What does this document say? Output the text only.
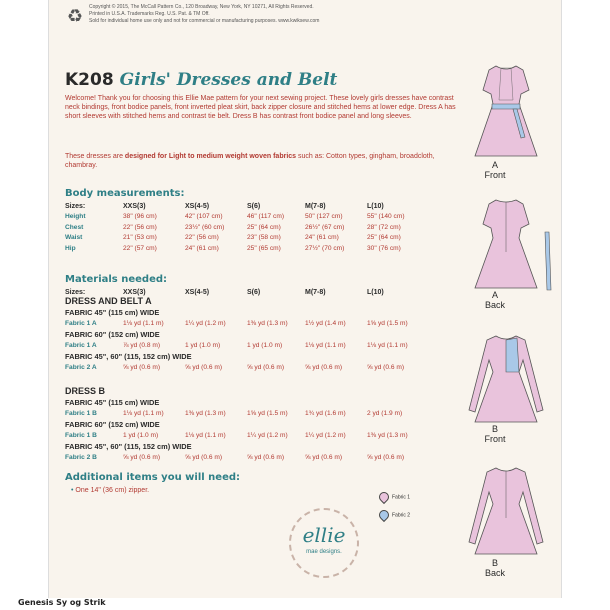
♻	Copyright © 2015, The McCall Pattern Co., 120 Broadway, New York, NY 10271, All Rights Reserved.
Printed in U.S.A. Trademarks Reg. U.S. Pat. & TM Off.
Sold for individual home use only and not for commercial or manufacturing purposes. www.kwiksew.com
K208 Girls' Dresses and Belt
Welcome! Thank you for choosing this Ellie Mae pattern for your next sewing project. These lovely girls dresses have contrast neck bindings, front bodice panels, front inverted pleat skirt, back zipper closure and stitched hems at lower edge. Dress A has short sleeves with stitched hems and contrast tie belt. Dress B has contrast front bodice panel and long sleeves.
These dresses are designed for Light to medium weight woven fabrics such as: Cotton types, gingham, broadcloth, chambray.
Body measurements:
Sizes:	XXS(3)	XS(4-5)	S(6)	M(7-8)	L(10)
Height	38" (96 cm)	42" (107 cm)	46" (117 cm)	50" (127 cm)	55" (140 cm)
Chest	22" (56 cm)	23½" (60 cm)	25" (64 cm)	26½" (67 cm)	28" (72 cm)
Waist	21" (53 cm)	22" (56 cm)	23" (58 cm)	24" (61 cm)	25" (64 cm)
Hip	22" (57 cm)	24" (61 cm)	25" (65 cm)	27½" (70 cm)	30" (76 cm)
Materials needed:
Sizes:	XXS(3)	XS(4-5)	S(6)	M(7-8)	L(10)
DRESS AND BELT A
FABRIC 45" (115 cm) WIDE
Fabric 1 A	1⅛ yd (1.1 m)	1¼ yd (1.2 m)	1⅜ yd (1.3 m)	1½ yd (1.4 m)	1⅝ yd (1.5 m)
FABRIC 60" (152 cm) WIDE
Fabric 1 A	⅞ yd (0.8 m)	1 yd (1.0 m)	1 yd (1.0 m)	1⅛ yd (1.1 m)	1⅛ yd (1.1 m)
FABRIC 45", 60" (115, 152 cm) WIDE
Fabric 2 A	⅝ yd (0.6 m)	⅝ yd (0.6 m)	⅝ yd (0.6 m)	⅝ yd (0.6 m)	⅝ yd (0.6 m)
DRESS B
FABRIC 45" (115 cm) WIDE
Fabric 1 B	1⅛ yd (1.1 m)	1⅜ yd (1.3 m)	1⅝ yd (1.5 m)	1¾ yd (1.6 m)	2 yd (1.9 m)
FABRIC 60" (152 cm) WIDE
Fabric 1 B	1 yd (1.0 m)	1⅛ yd (1.1 m)	1¼ yd (1.2 m)	1¼ yd (1.2 m)	1⅜ yd (1.3 m)
FABRIC 45", 60" (115, 152 cm) WIDE
Fabric 2 B	⅝ yd (0.6 m)	⅝ yd (0.6 m)	⅝ yd (0.6 m)	⅝ yd (0.6 m)	⅝ yd (0.6 m)
Additional items you will need:
• One 14" (36 cm) zipper.
Fabric 1
Fabric 2
ellie
mae designs.
A
Front
A
Back
B
Front
B
Back
Genesis Sy og Strik
